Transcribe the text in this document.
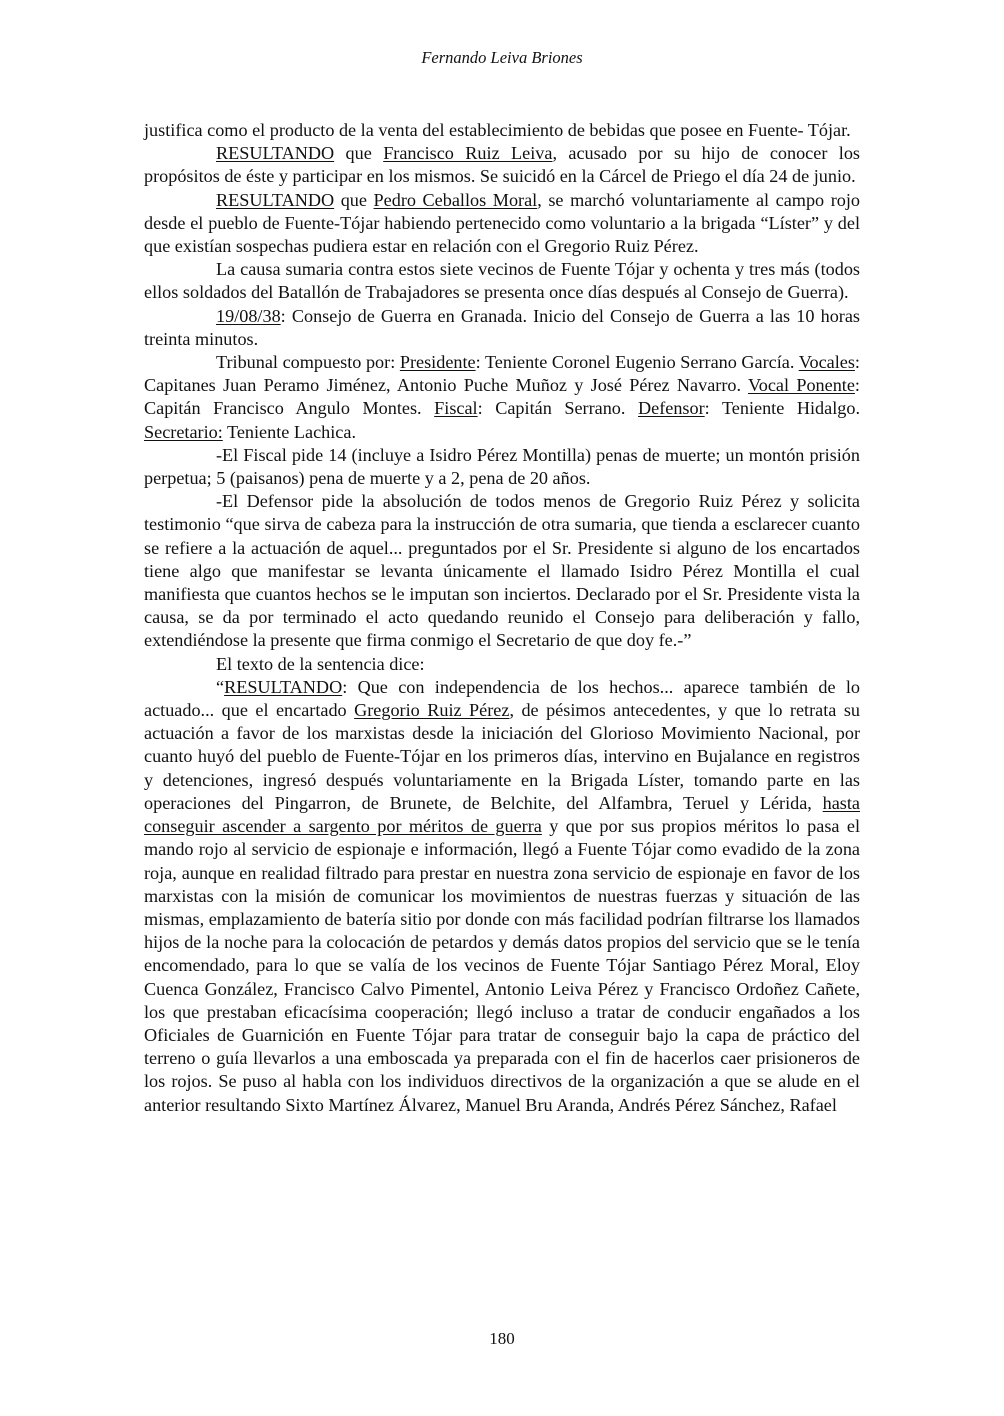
Fernando Leiva Briones

justifica como el producto de la venta del establecimiento de bebidas que posee en Fuente- Tójar.

RESULTANDO que Francisco Ruiz Leiva, acusado por su hijo de conocer los propósitos de éste y participar en los mismos. Se suicidó en la Cárcel de Priego el día 24 de junio.

RESULTANDO que Pedro Ceballos Moral, se marchó voluntariamente al campo rojo desde el pueblo de Fuente-Tójar habiendo pertenecido como voluntario a la brigada “Líster” y del que existían sospechas pudiera estar en relación con el Gregorio Ruiz Pérez.

La causa sumaria contra estos siete vecinos de Fuente Tójar y ochenta y tres más (todos ellos soldados del Batallón de Trabajadores se presenta once días después al Consejo de Guerra).

19/08/38: Consejo de Guerra en Granada. Inicio del Consejo de Guerra a las 10 horas treinta minutos.

Tribunal compuesto por: Presidente: Teniente Coronel Eugenio Serrano García. Vocales: Capitanes Juan Peramo Jiménez, Antonio Puche Muñoz y José Pérez Navarro. Vocal Ponente: Capitán Francisco Angulo Montes. Fiscal: Capitán Serrano. Defensor: Teniente Hidalgo. Secretario: Teniente Lachica.

-El Fiscal pide 14 (incluye a Isidro Pérez Montilla) penas de muerte; un montón prisión perpetua; 5 (paisanos) pena de muerte y a 2, pena de 20 años.

-El Defensor pide la absolución de todos menos de Gregorio Ruiz Pérez y solicita testimonio “que sirva de cabeza para la instrucción de otra sumaria, que tienda a esclarecer cuanto se refiere a la actuación de aquel... preguntados por el Sr. Presidente si alguno de los encartados tiene algo que manifestar se levanta únicamente el llamado Isidro Pérez Montilla el cual manifiesta que cuantos hechos se le imputan son inciertos. Declarado por el Sr. Presidente vista la causa, se da por terminado el acto quedando reunido el Consejo para deliberación y fallo, extendiéndose la presente que firma conmigo el Secretario de que doy fe.-”

El texto de la sentencia dice:

“RESULTANDO: Que con independencia de los hechos... aparece también de lo actuado... que el encartado Gregorio Ruiz Pérez, de pésimos antecedentes, y que lo retrata su actuación a favor de los marxistas desde la iniciación del Glorioso Movimiento Nacional, por cuanto huyó del pueblo de Fuente-Tójar en los primeros días, intervino en Bujalance en registros y detenciones, ingresó después voluntariamente en la Brigada Líster, tomando parte en las operaciones del Pingarron, de Brunete, de Belchite, del Alfambra, Teruel y Lérida, hasta conseguir ascender a sargento por méritos de guerra y que por sus propios méritos lo pasa el mando rojo al servicio de espionaje e información, llegó a Fuente Tójar como evadido de la zona roja, aunque en realidad filtrado para prestar en nuestra zona servicio de espionaje en favor de los marxistas con la misión de comunicar los movimientos de nuestras fuerzas y situación de las mismas, emplazamiento de batería sitio por donde con más facilidad podrían filtrarse los llamados hijos de la noche para la colocación de petardos y demás datos propios del servicio que se le tenía encomendado, para lo que se valía de los vecinos de Fuente Tójar Santiago Pérez Moral, Eloy Cuenca González, Francisco Calvo Pimentel, Antonio Leiva Pérez y Francisco Ordoñez Cañete, los que prestaban eficacísima cooperación; llegó incluso a tratar de conducir engañados a los Oficiales de Guarnición en Fuente Tójar para tratar de conseguir bajo la capa de práctico del terreno o guía llevarlos a una emboscada ya preparada con el fin de hacerlos caer prisioneros de los rojos. Se puso al habla con los individuos directivos de la organización a que se alude en el anterior resultando Sixto Martínez Álvarez, Manuel Bru Aranda, Andrés Pérez Sánchez, Rafael

180
